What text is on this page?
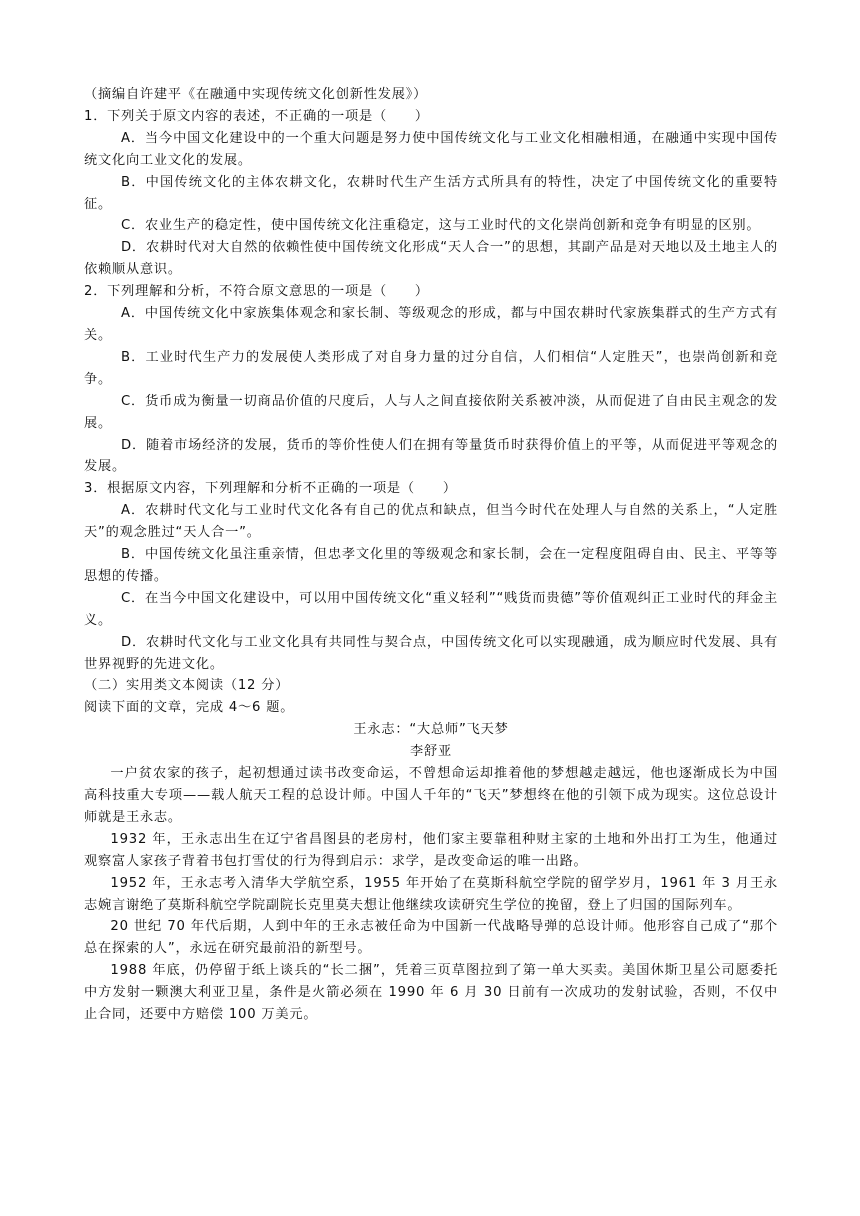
（摘编自许建平《在融通中实现传统文化创新性发展》）

1．下列关于原文内容的表述，不正确的一项是（　　）

A．当今中国文化建设中的一个重大问题是努力使中国传统文化与工业文化相融相通，在融通中实现中国传统文化向工业文化的发展。

B．中国传统文化的主体农耕文化，农耕时代生产生活方式所具有的特性，决定了中国传统文化的重要特征。

C．农业生产的稳定性，使中国传统文化注重稳定，这与工业时代的文化崇尚创新和竞争有明显的区别。

D．农耕时代对大自然的依赖性使中国传统文化形成“天人合一”的思想，其副产品是对天地以及土地主人的依赖顺从意识。

2．下列理解和分析，不符合原文意思的一项是（　　）

A．中国传统文化中家族集体观念和家长制、等级观念的形成，都与中国农耕时代家族集群式的生产方式有关。

B．工业时代生产力的发展使人类形成了对自身力量的过分自信，人们相信“人定胜天”，也崇尚创新和竞争。

C．货币成为衡量一切商品价值的尺度后，人与人之间直接依附关系被冲淡，从而促进了自由民主观念的发展。

D．随着市场经济的发展，货币的等价性使人们在拥有等量货币时获得价值上的平等，从而促进平等观念的发展。

3．根据原文内容，下列理解和分析不正确的一项是（　　）

A．农耕时代文化与工业时代文化各有自己的优点和缺点，但当今时代在处理人与自然的关系上，“人定胜天”的观念胜过“天人合一”。

B．中国传统文化虽注重亲情，但忠孝文化里的等级观念和家长制，会在一定程度阻碍自由、民主、平等等思想的传播。

C．在当今中国文化建设中，可以用中国传统文化“重义轻利”“贱货而贵德”等价值观纠正工业时代的拜金主义。

D．农耕时代文化与工业文化具有共同性与契合点，中国传统文化可以实现融通，成为顺应时代发展、具有世界视野的先进文化。

（二）实用类文本阅读（12 分）

阅读下面的文章，完成 4～6 题。

王永志：“大总师”飞天梦

李舒亚

一户贫农家的孩子，起初想通过读书改变命运，不曾想命运却推着他的梦想越走越远，他也逐渐成长为中国高科技重大专项——载人航天工程的总设计师。中国人千年的“飞天”梦想终在他的引领下成为现实。这位总设计师就是王永志。

1932 年，王永志出生在辽宁省昌图县的老房村，他们家主要靠租种财主家的土地和外出打工为生，他通过观察富人家孩子背着书包打雪仗的行为得到启示：求学，是改变命运的唯一出路。

1952 年，王永志考入清华大学航空系，1955 年开始了在莫斯科航空学院的留学岁月，1961 年 3 月王永志婉言谢绝了莫斯科航空学院副院长克里莫夫想让他继续攻读研究生学位的挽留，登上了归国的国际列车。

20 世纪 70 年代后期，人到中年的王永志被任命为中国新一代战略导弹的总设计师。他形容自己成了“那个总在探索的人”，永远在研究最前沿的新型号。

1988 年底，仍停留于纸上谈兵的“长二捆”，凭着三页草图拉到了第一单大买卖。美国休斯卫星公司愿委托中方发射一颗澳大利亚卫星，条件是火箭必须在 1990 年 6 月 30 日前有一次成功的发射试验，否则，不仅中止合同，还要中方赔偿 100 万美元。
